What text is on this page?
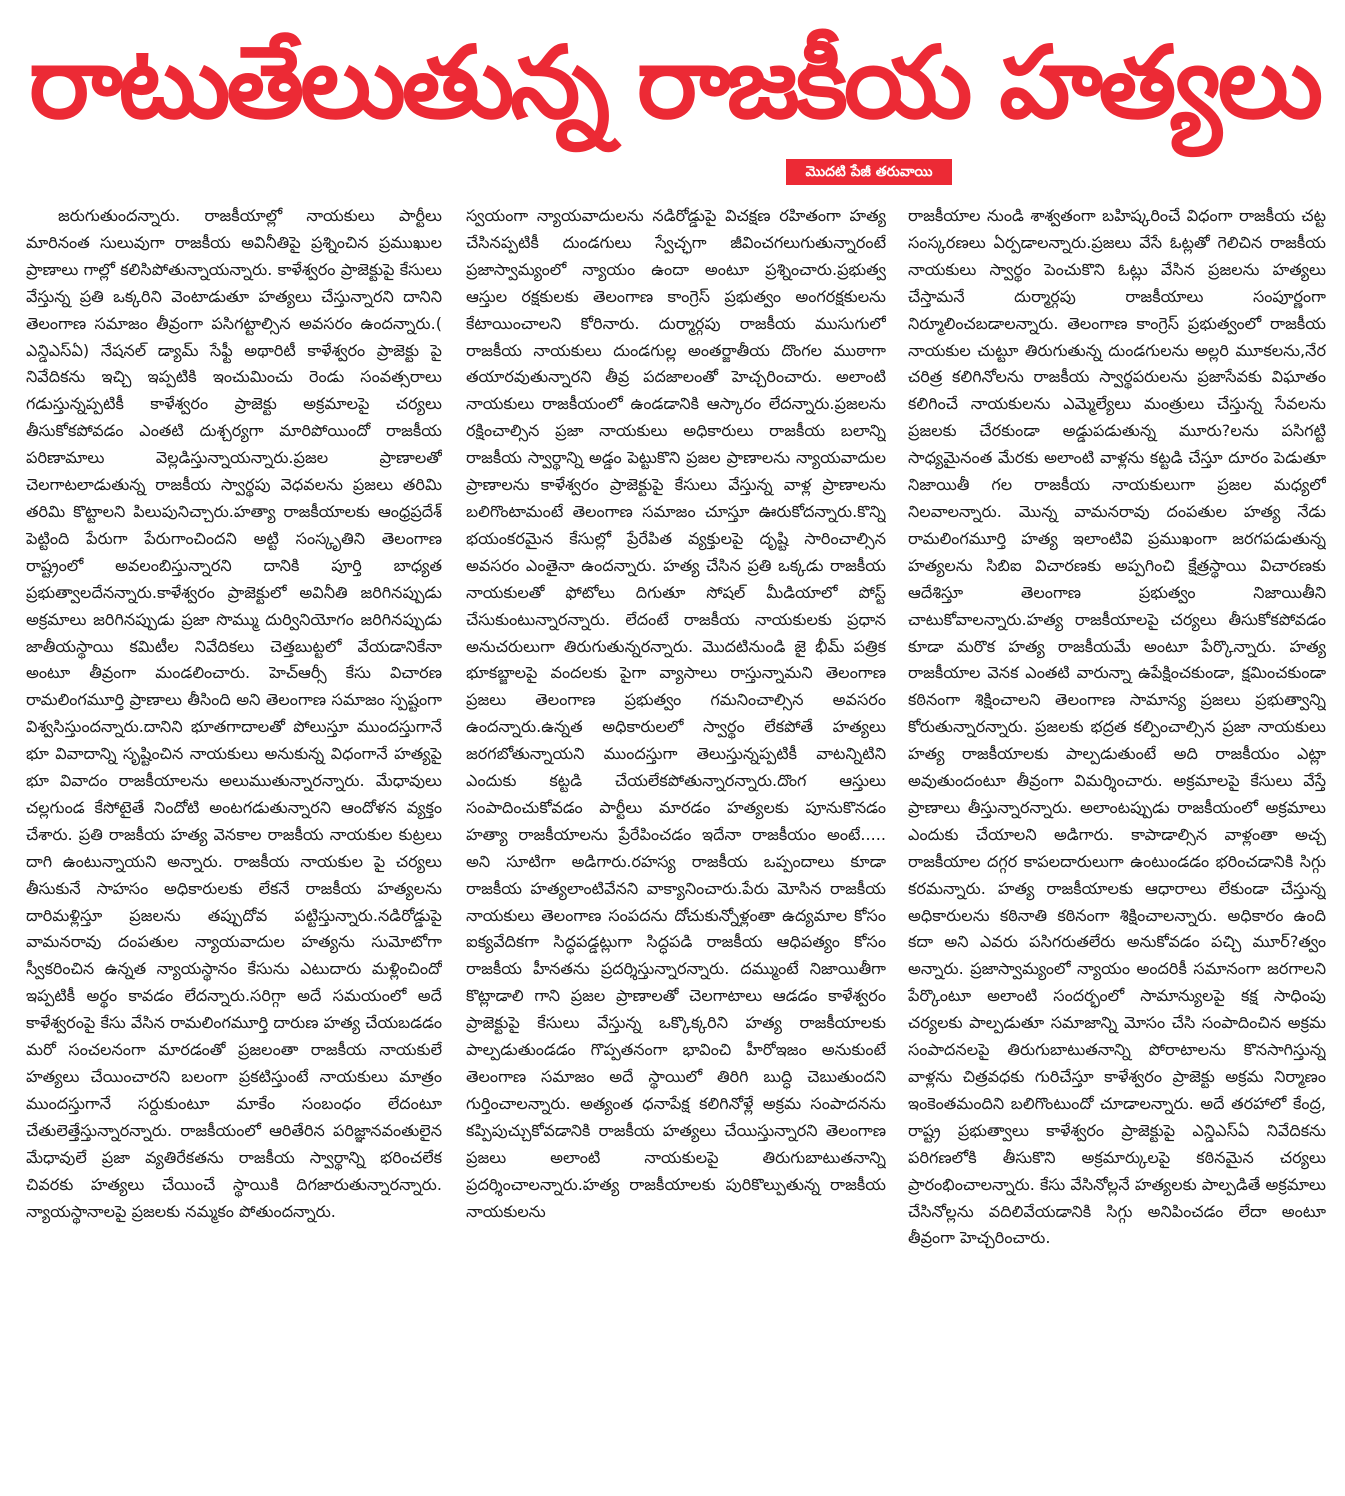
రాటుతేలుతున్న రాజకీయ హత్యలు
మొదటి పేజీ తరువాయి

జరుగుతుందన్నారు. రాజకీయాల్లో నాయకులు పార్టీలు మారినంత సులువుగా రాజకీయ అవినీతిపై ప్రశ్నించిన ప్రముఖుల ప్రాణాలు గాల్లో కలిసిపోతున్నాయన్నారు. కాళేశ్వరం ప్రాజెక్టుపై కేసులు వేస్తున్న ప్రతి ఒక్కరిని వెంటాడుతూ హత్యలు చేస్తున్నారని దానిని తెలంగాణ సమాజం తీవ్రంగా పసిగట్టాల్సిన అవసరం ఉందన్నారు.( ఎన్డిఎస్ఏ) నేషనల్ డ్యామ్ సేఫ్టీ అథారిటీ కాళేశ్వరం ప్రాజెక్టు పై నివేదికను ఇచ్చి ఇప్పటికి ఇంచుమించు రెండు సంవత్సరాలు గడుస్తున్నప్పటికీ కాళేశ్వరం ప్రాజెక్టు అక్రమాలపై చర్యలు తీసుకోకపోవడం ఎంతటి దుశ్చర్యగా మారిపోయిందో రాజకీయ పరిణామాలు వెల్లడిస్తున్నాయన్నారు.ప్రజల ప్రాణాలతో చెలగాటలాడుతున్న రాజకీయ స్వార్థపు వెధవలను ప్రజలు తరిమి తరిమి కొట్టాలని పిలుపునిచ్చారు.హత్యా రాజకీయాలకు ఆంధ్రప్రదేశ్ పెట్టింది పేరుగా పేరుగాంచిందని అట్టి సంస్కృతిని తెలంగాణ రాష్ట్రంలో అవలంబిస్తున్నారని దానికి పూర్తి బాధ్యత ప్రభుత్వాలదేనన్నారు.కాళేశ్వరం ప్రాజెక్టులో అవినీతి జరిగినప్పుడు అక్రమాలు జరిగినప్పుడు ప్రజా సొమ్ము దుర్వినియోగం జరిగినప్పుడు జాతీయస్థాయి కమిటీల నివేదికలు చెత్తబుట్టలో వేయడానికేనా అంటూ తీవ్రంగా మండలించారు. హెచ్ఆర్సీ కేసు విచారణ రామలింగమూర్తి ప్రాణాలు తీసింది అని తెలంగాణ సమాజం స్పష్టంగా విశ్వసిస్తుందన్నారు.దానిని భూతగాదాలతో పోలుస్తూ ముందస్తుగానే భూ వివాదాన్ని సృష్టించిన నాయకులు అనుకున్న విధంగానే హత్యపై భూ వివాదం రాజకీయాలను అలుముతున్నారన్నారు. మేధావులు చల్లగుండ కేసోటైతే నిందోటి అంటగడుతున్నారని ఆందోళన వ్యక్తం చేశారు. ప్రతి రాజకీయ హత్య వెనకాల రాజకీయ నాయకుల కుట్రలు దాగి ఉంటున్నాయని అన్నారు. రాజకీయ నాయకుల పై చర్యలు తీసుకునే సాహసం అధికారులకు లేకనే రాజకీయ హత్యలను దారిమళ్లిస్తూ ప్రజలను తప్పుదోవ పట్టిస్తున్నారు.నడిరోడ్డుపై వామనరావు దంపతుల న్యాయవాదుల హత్యను సుమోటోగా స్వీకరించిన ఉన్నత న్యాయస్థానం కేసును ఎటుదారు మళ్లించిందో ఇప్పటికీ అర్థం కావడం లేదన్నారు.సరిగ్గా అదే సమయంలో అదే కాళేశ్వరంపై కేసు వేసిన రామలింగమూర్తి దారుణ హత్య చేయబడడం మరో సంచలనంగా మారడంతో ప్రజలంతా రాజకీయ నాయకులే హత్యలు చేయించారని బలంగా ప్రకటిస్తుంటే నాయకులు మాత్రం ముందస్తుగానే సర్దుకుంటూ మాకేం సంబంధం లేదంటూ చేతులెత్తేస్తున్నారన్నారు. రాజకీయంలో ఆరితేరిన పరిజ్ఞానవంతులైన మేధావులే ప్రజా వ్యతిరేకతను రాజకీయ స్వార్థాన్ని భరించలేక చివరకు హత్యలు చేయించే స్థాయికి దిగజారుతున్నారన్నారు. న్యాయస్థానాలపై ప్రజలకు నమ్మకం పోతుందన్నారు.

స్వయంగా న్యాయవాదులను నడిరోడ్డుపై విచక్షణ రహితంగా హత్య చేసినప్పటికీ దుండగులు స్వేచ్ఛగా జీవించగలుగుతున్నారంటే ప్రజాస్వామ్యంలో న్యాయం ఉందా అంటూ ప్రశ్నించారు.ప్రభుత్వ ఆస్తుల రక్షకులకు తెలంగాణ కాంగ్రెస్ ప్రభుత్వం అంగరక్షకులను కేటాయించాలని కోరినారు. దుర్మార్గపు రాజకీయ ముసుగులో రాజకీయ నాయకులు దుండగుల్ల అంతర్జాతీయ దొంగల ముఠాగా తయారవుతున్నారని తీవ్ర పదజాలంతో హెచ్చరించారు. అలాంటి నాయకులు రాజకీయంలో ఉండడానికి ఆస్కారం లేదన్నారు.ప్రజలను రక్షించాల్సిన ప్రజా నాయకులు అధికారులు రాజకీయ బలాన్ని రాజకీయ స్వార్థాన్ని అడ్డం పెట్టుకొని ప్రజల ప్రాణాలను న్యాయవాదుల ప్రాణాలను కాళేశ్వరం ప్రాజెక్టుపై కేసులు వేస్తున్న వాళ్ల ప్రాణాలను బలిగొంటామంటే తెలంగాణ సమాజం చూస్తూ ఊరుకోదన్నారు.కొన్ని భయంకరమైన కేసుల్లో ప్రేరేపిత వ్యక్తులపై దృష్టి సారించాల్సిన అవసరం ఎంతైనా ఉందన్నారు. హత్య చేసిన ప్రతి ఒక్కడు రాజకీయ నాయకులతో ఫోటోలు దిగుతూ సోషల్ మీడియాలో పోస్ట్ చేసుకుంటున్నారన్నారు. లేదంటే రాజకీయ నాయకులకు ప్రధాన అనుచరులుగా తిరుగుతున్నరన్నారు. మొదటినుండి జై భీమ్ పత్రిక భూకబ్జాలపై వందలకు పైగా వ్యాసాలు రాస్తున్నామని తెలంగాణ ప్రజలు తెలంగాణ ప్రభుత్వం గమనించాల్సిన అవసరం ఉందన్నారు.ఉన్నత అధికారులలో స్వార్థం లేకపోతే హత్యలు జరగబోతున్నాయని ముందస్తుగా తెలుస్తున్నప్పటికీ వాటన్నిటిని ఎందుకు కట్టడి చేయలేకపోతున్నారన్నారు.దొంగ ఆస్తులు సంపాదించుకోవడం పార్టీలు మారడం హత్యలకు పూనుకొనడం హత్యా రాజకీయాలను ప్రేరేపించడం ఇదేనా రాజకీయం అంటే..... అని సూటిగా అడిగారు.రహస్య రాజకీయ ఒప్పందాలు కూడా రాజకీయ హత్యలాంటివేనని వాక్యానించారు.పేరు మోసిన రాజకీయ నాయకులు తెలంగాణ సంపదను దోచుకున్నోళ్లంతా ఉద్యమాల కోసం ఐక్యవేదికగా సిద్ధపడ్డట్లుగా సిద్ధపడి రాజకీయ ఆధిపత్యం కోసం రాజకీయ హీనతను ప్రదర్శిస్తున్నారన్నారు. దమ్ముంటే నిజాయితీగా కొట్లాడాలి గాని ప్రజల ప్రాణాలతో చెలగాటాలు ఆడడం కాళేశ్వరం ప్రాజెక్టుపై కేసులు వేస్తున్న ఒక్కొక్కరిని హత్య రాజకీయాలకు పాల్పడుతుండడం గొప్పతనంగా భావించి హీరోఇజం అనుకుంటే తెలంగాణ సమాజం అదే స్థాయిలో తిరిగి బుద్ధి చెబుతుందని గుర్తించాలన్నారు. అత్యంత ధనాపేక్ష కలిగినోళ్లే అక్రమ సంపాదనను కప్పిపుచ్చుకోవడానికి రాజకీయ హత్యలు చేయిస్తున్నారని తెలంగాణ ప్రజలు అలాంటి నాయకులపై తిరుగుబాటుతనాన్ని ప్రదర్శించాలన్నారు.హత్య రాజకీయాలకు పురికొల్పుతున్న రాజకీయ నాయకులను

రాజకీయాల నుండి శాశ్వతంగా బహిష్కరించే విధంగా రాజకీయ చట్ట సంస్కరణలు ఏర్పడాలన్నారు.ప్రజలు వేసే ఓట్లతో గెలిచిన రాజకీయ నాయకులు స్వార్థం పెంచుకొని ఓట్లు వేసిన ప్రజలను హత్యలు చేస్తామనే దుర్మార్గపు రాజకీయాలు సంపూర్ణంగా నిర్మూలించబడాలన్నారు. తెలంగాణ కాంగ్రెస్ ప్రభుత్వంలో రాజకీయ నాయకుల చుట్టూ తిరుగుతున్న దుండగులను అల్లరి మూకలను,నేర చరిత్ర కలిగినోలను రాజకీయ స్వార్థపరులను ప్రజాసేవకు విఘాతం కలిగించే నాయకులను ఎమ్మెల్యేలు మంత్రులు చేస్తున్న సేవలను ప్రజలకు చేరకుండా అడ్డుపడుతున్న మూరు?లను పసిగట్టి సాధ్యమైనంత మేరకు అలాంటి వాళ్లను కట్టడి చేస్తూ దూరం పెడుతూ నిజాయితీ గల రాజకీయ నాయకులుగా ప్రజల మధ్యలో నిలవాలన్నారు. మొన్న వామనరావు దంపతుల హత్య నేడు రామలింగమూర్తి హత్య ఇలాంటివి ప్రముఖంగా జరగపడుతున్న హత్యలను సిబిఐ విచారణకు అప్పగించి క్షేత్రస్థాయి విచారణకు ఆదేశిస్తూ తెలంగాణ ప్రభుత్వం నిజాయితీని చాటుకోవాలన్నారు.హత్య రాజకీయాలపై చర్యలు తీసుకోకపోవడం కూడా మరొక హత్య రాజకీయమే అంటూ పేర్కొన్నారు. హత్య రాజకీయాల వెనక ఎంతటి వారున్నా ఉపేక్షించకుండా, క్షమించకుండా కఠినంగా శిక్షించాలని తెలంగాణ సామాన్య ప్రజలు ప్రభుత్వాన్ని కోరుతున్నారన్నారు. ప్రజలకు భద్రత కల్పించాల్సిన ప్రజా నాయకులు హత్య రాజకీయాలకు పాల్పడుతుంటే అది రాజకీయం ఎట్లా అవుతుందంటూ తీవ్రంగా విమర్శించారు. అక్రమాలపై కేసులు వేస్తే ప్రాణాలు తీస్తున్నారన్నారు. అలాంటప్పుడు రాజకీయంలో అక్రమాలు ఎందుకు చేయాలని అడిగారు. కాపాడాల్సిన వాళ్లంతా అచ్చ రాజకీయాల దగ్గర కాపలదారులుగా ఉంటుండడం భరించడానికి సిగ్గు కరమన్నారు. హత్య రాజకీయాలకు ఆధారాలు లేకుండా చేస్తున్న అధికారులను కఠినాతి కఠినంగా శిక్షించాలన్నారు. అధికారం ఉంది కదా అని ఎవరు పసిగరుతలేరు అనుకోవడం పచ్చి మూర్?త్వం అన్నారు. ప్రజాస్వామ్యంలో న్యాయం అందరికీ సమానంగా జరగాలని పేర్కొంటూ అలాంటి సందర్భంలో సామాన్యులపై కక్ష సాధింపు చర్యలకు పాల్పడుతూ సమాజాన్ని మోసం చేసి సంపాదించిన అక్రమ సంపాదనలపై తిరుగుబాటుతనాన్ని పోరాటాలను కొనసాగిస్తున్న వాళ్లను చిత్రవధకు గురిచేస్తూ కాళేశ్వరం ప్రాజెక్టు అక్రమ నిర్మాణం ఇంకెంతమందిని బలిగొంటుందో చూడాలన్నారు. అదే తరహాలో కేంద్ర, రాష్ట్ర ప్రభుత్వాలు కాళేశ్వరం ప్రాజెక్టుపై ఎన్డిఎస్ఏ నివేదికను పరిగణలోకి తీసుకొని అక్రమార్కులపై కఠినమైన చర్యలు ప్రారంభించాలన్నారు. కేసు వేసినోల్లనే హత్యలకు పాల్పడితే అక్రమాలు చేసినోల్లను వదిలివేయడానికి సిగ్గు అనిపించడం లేదా అంటూ తీవ్రంగా హెచ్చరించారు.
